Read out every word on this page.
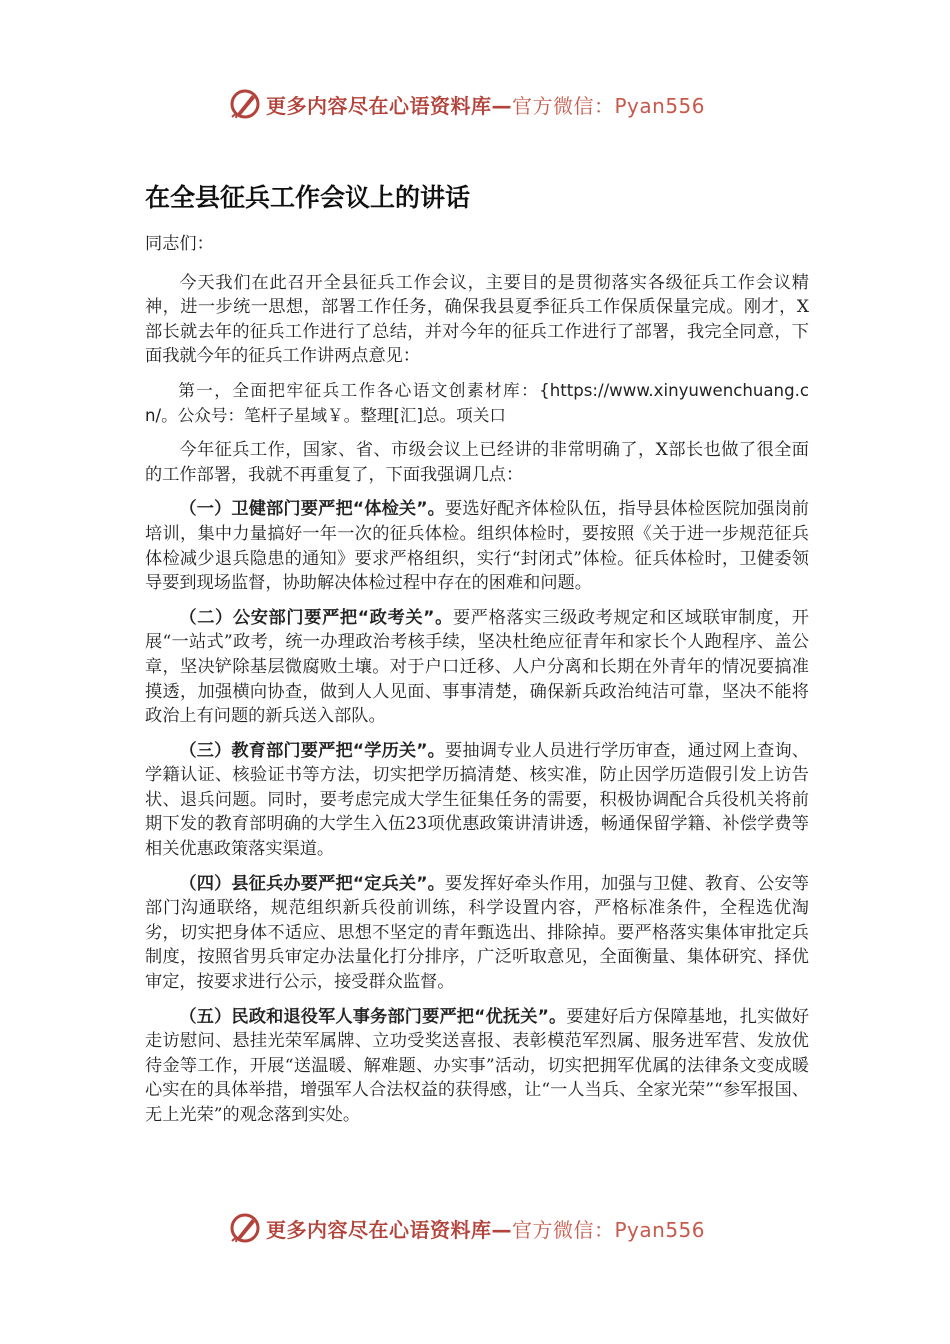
更多内容尽在心语资料库— 官方微信：Pyan556
在全县征兵工作会议上的讲话

同志们：

今天我们在此召开全县征兵工作会议，主要目的是贯彻落实各级征兵工作会议精神，进一步统一思想，部署工作任务，确保我县夏季征兵工作保质保量完成。刚才，X部长就去年的征兵工作进行了总结，并对今年的征兵工作进行了部署，我完全同意，下面我就今年的征兵工作讲两点意见：

第一，全面把牢征兵工作各心语文创素材库：{https://www.xinyuwenchuang.cn/。公众号：笔杆子星域￥。整理[汇]总。项关口

今年征兵工作，国家、省、市级会议上已经讲的非常明确了，X部长也做了很全面的工作部署，我就不再重复了，下面我强调几点：

（一）卫健部门要严把“体检关”。要选好配齐体检队伍，指导县体检医院加强岗前培训，集中力量搞好一年一次的征兵体检。组织体检时，要按照《关于进一步规范征兵体检减少退兵隐患的通知》要求严格组织，实行“封闭式”体检。征兵体检时，卫健委领导要到现场监督，协助解决体检过程中存在的困难和问题。

（二）公安部门要严把“政考关”。要严格落实三级政考规定和区域联审制度，开展“一站式”政考，统一办理政治考核手续，坚决杜绝应征青年和家长个人跑程序、盖公章，坚决铲除基层微腐败土壤。对于户口迁移、人户分离和长期在外青年的情况要搞准摸透，加强横向协查，做到人人见面、事事清楚，确保新兵政治纯洁可靠，坚决不能将政治上有问题的新兵送入部队。

（三）教育部门要严把“学历关”。要抽调专业人员进行学历审查，通过网上查询、学籍认证、核验证书等方法，切实把学历搞清楚、核实准，防止因学历造假引发上访告状、退兵问题。同时，要考虑完成大学生征集任务的需要，积极协调配合兵役机关将前期下发的教育部明确的大学生入伍23项优惠政策讲清讲透，畅通保留学籍、补偿学费等相关优惠政策落实渠道。

（四）县征兵办要严把“定兵关”。要发挥好牵头作用，加强与卫健、教育、公安等部门沟通联络，规范组织新兵役前训练，科学设置内容，严格标准条件，全程选优淘劣，切实把身体不适应、思想不坚定的青年甄选出、排除掉。要严格落实集体审批定兵制度，按照省男兵审定办法量化打分排序，广泛听取意见，全面衡量、集体研究、择优审定，按要求进行公示，接受群众监督。

（五）民政和退役军人事务部门要严把“优抚关”。要建好后方保障基地，扎实做好走访慰问、悬挂光荣军属牌、立功受奖送喜报、表彰模范军烈属、服务进军营、发放优待金等工作，开展“送温暖、解难题、办实事”活动，切实把拥军优属的法律条文变成暖心实在的具体举措，增强军人合法权益的获得感，让“一人当兵、全家光荣”“参军报国、无上光荣”的观念落到实处。

更多内容尽在心语资料库— 官方微信：Pyan556
